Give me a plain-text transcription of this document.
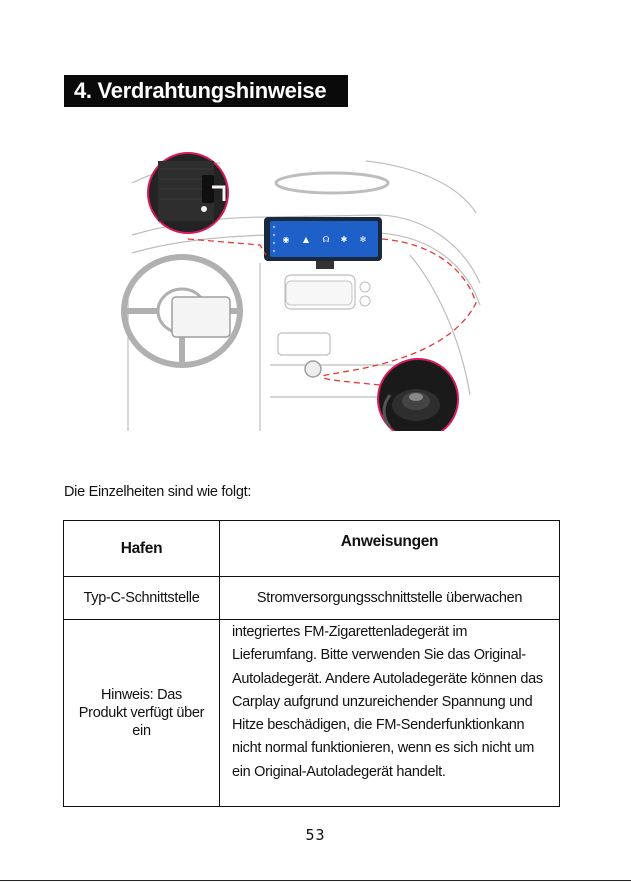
4. Verdrahtungshinweise
◉ ▲ ☊ ✱ ✻
Die Einzelheiten sind wie folgt:
Hafen	Anweisungen
Typ-C-Schnittstelle	Stromversorgungsschnittstelle überwachen
Hinweis: Das Produkt verfügt über ein	integriertes FM-Zigarettenladegerät im Lieferumfang. Bitte verwenden Sie das Original-Autoladegerät. Andere Autoladegeräte können das Carplay aufgrund unzureichender Spannung und Hitze beschädigen, die FM-Senderfunktionkann nicht normal funktionieren, wenn es sich nicht um ein Original-Autoladegerät handelt.
53
